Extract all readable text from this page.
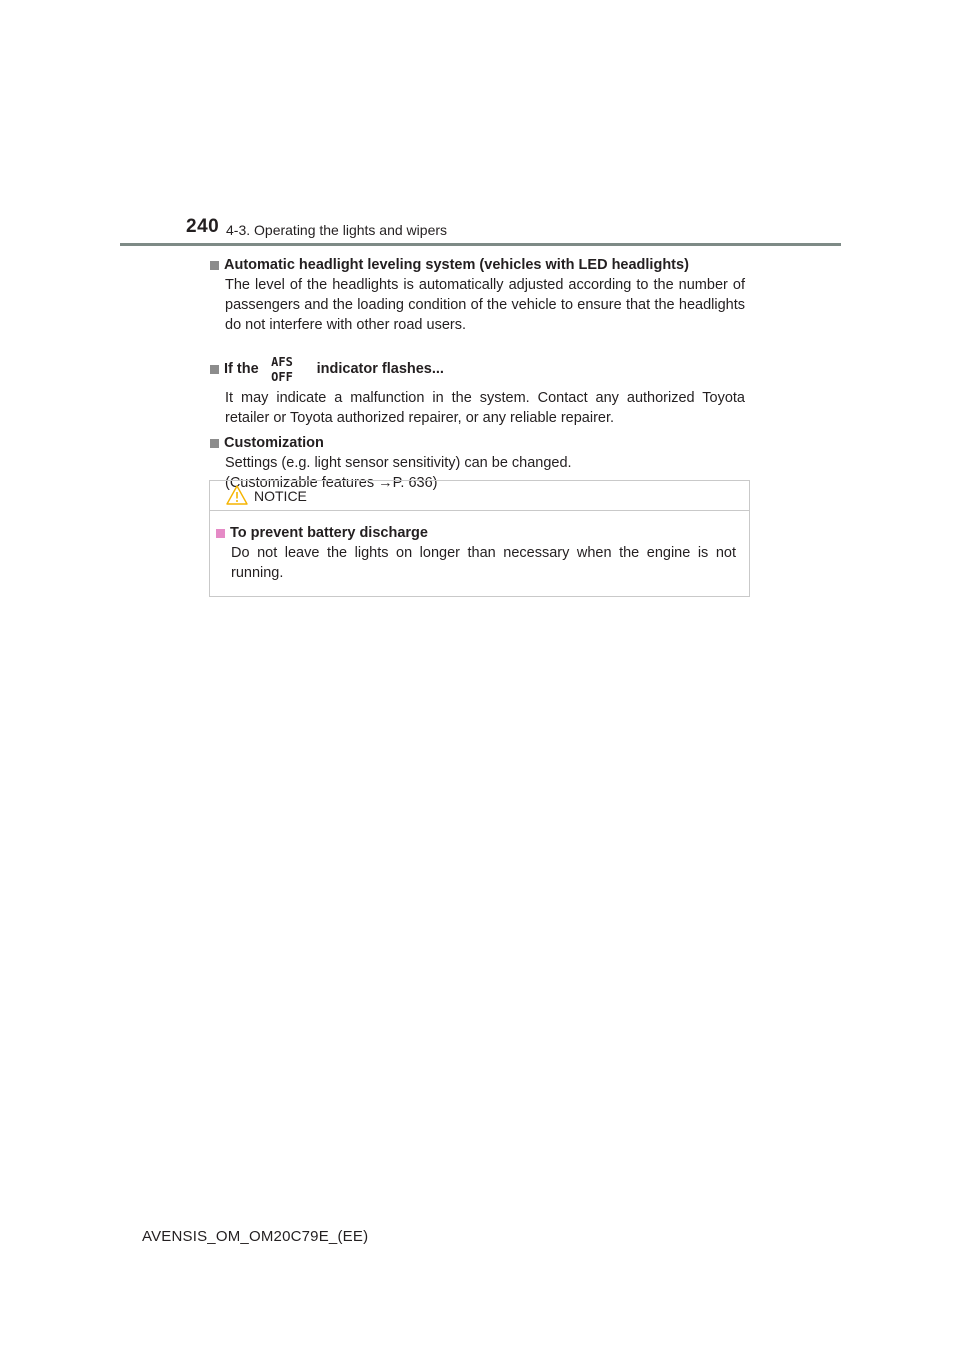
240 4-3. Operating the lights and wipers
Automatic headlight leveling system (vehicles with LED headlights)
The level of the headlights is automatically adjusted according to the number of passengers and the loading condition of the vehicle to ensure that the headlights do not interfere with other road users.
If the AFS
OFF indicator flashes...
It may indicate a malfunction in the system. Contact any authorized Toyota retailer or Toyota authorized repairer, or any reliable repairer.
Customization
Settings (e.g. light sensor sensitivity) can be changed.
(Customizable features →P. 636)
NOTICE
To prevent battery discharge
Do not leave the lights on longer than necessary when the engine is not running.
AVENSIS_OM_OM20C79E_(EE)
